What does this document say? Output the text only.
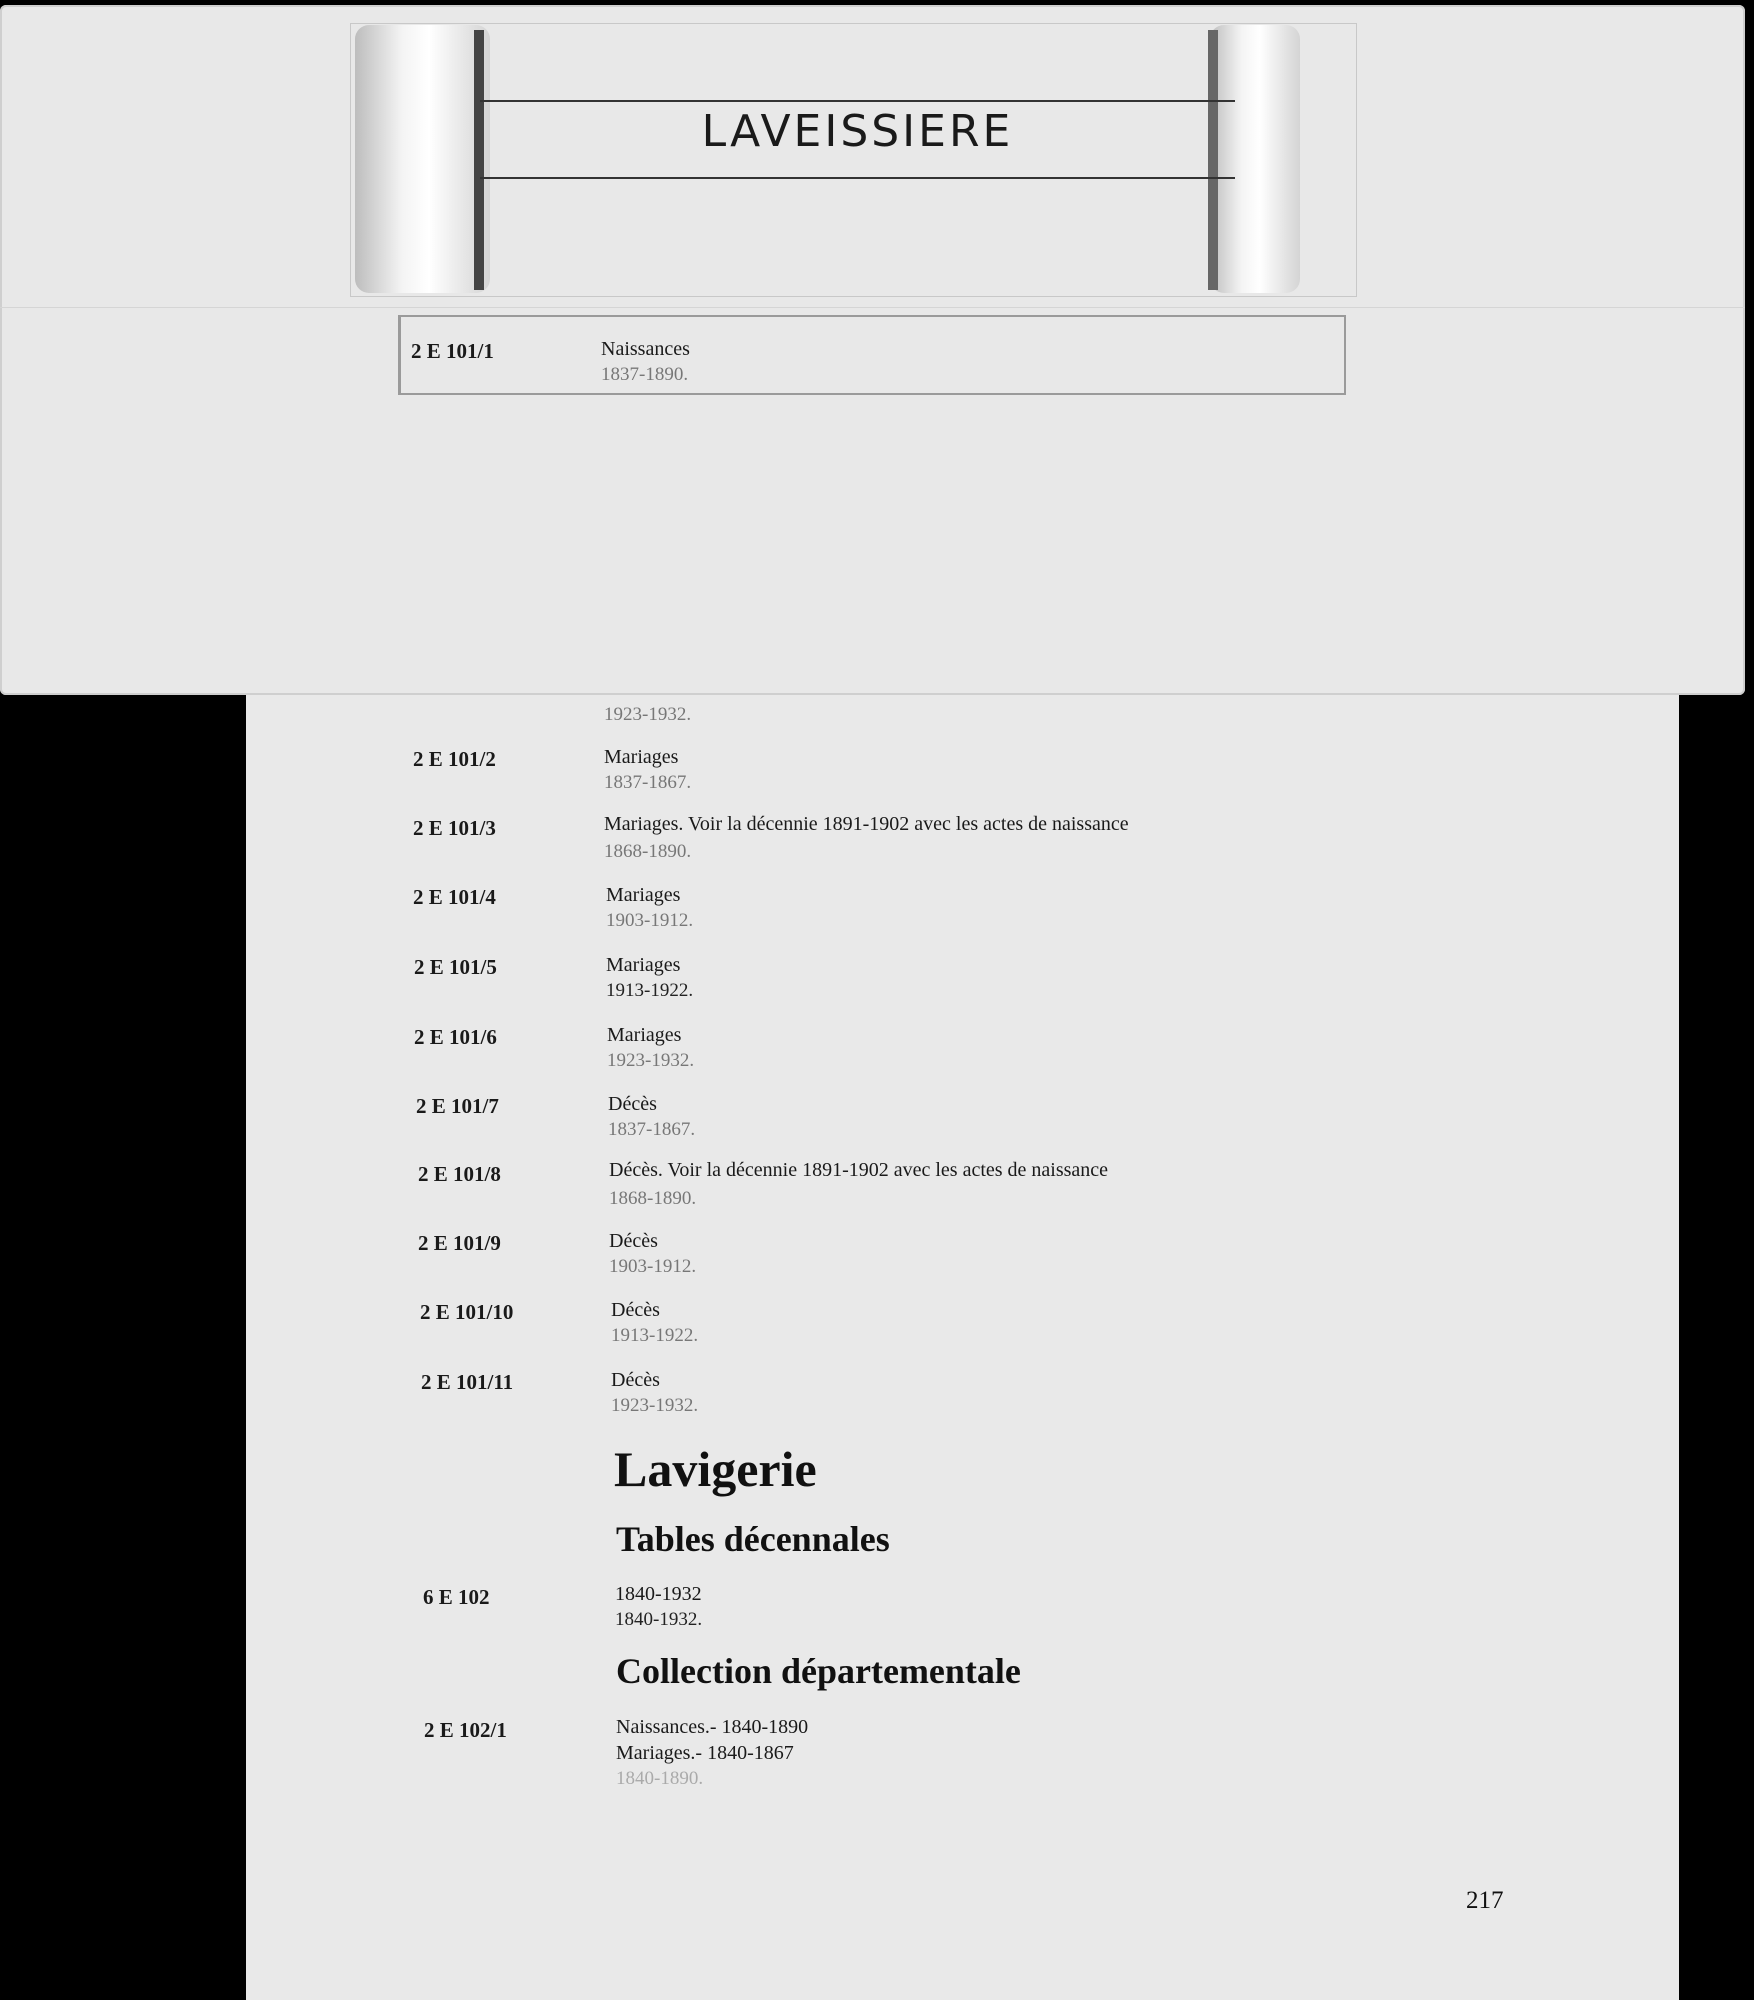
1923-1932.
2 E 101/2	Mariages
1837-1867.
2 E 101/3	Mariages. Voir la décennie 1891-1902 avec les actes de naissance
1868-1890.
2 E 101/4	Mariages
1903-1912.
2 E 101/5	Mariages
1913-1922.
2 E 101/6	Mariages
1923-1932.
2 E 101/7	Décès
1837-1867.
2 E 101/8	Décès. Voir la décennie 1891-1902 avec les actes de naissance
1868-1890.
2 E 101/9	Décès
1903-1912.
2 E 101/10	Décès
1913-1922.
2 E 101/11	Décès
1923-1932.
Lavigerie
Tables décennales
6 E 102	1840-1932
1840-1932.
Collection départementale
2 E 102/1	Naissances.- 1840-1890
Mariages.- 1840-1867
1840-1890.
217
LAVEISSIERE
2 E 101/1	Naissances
1837-1890.
